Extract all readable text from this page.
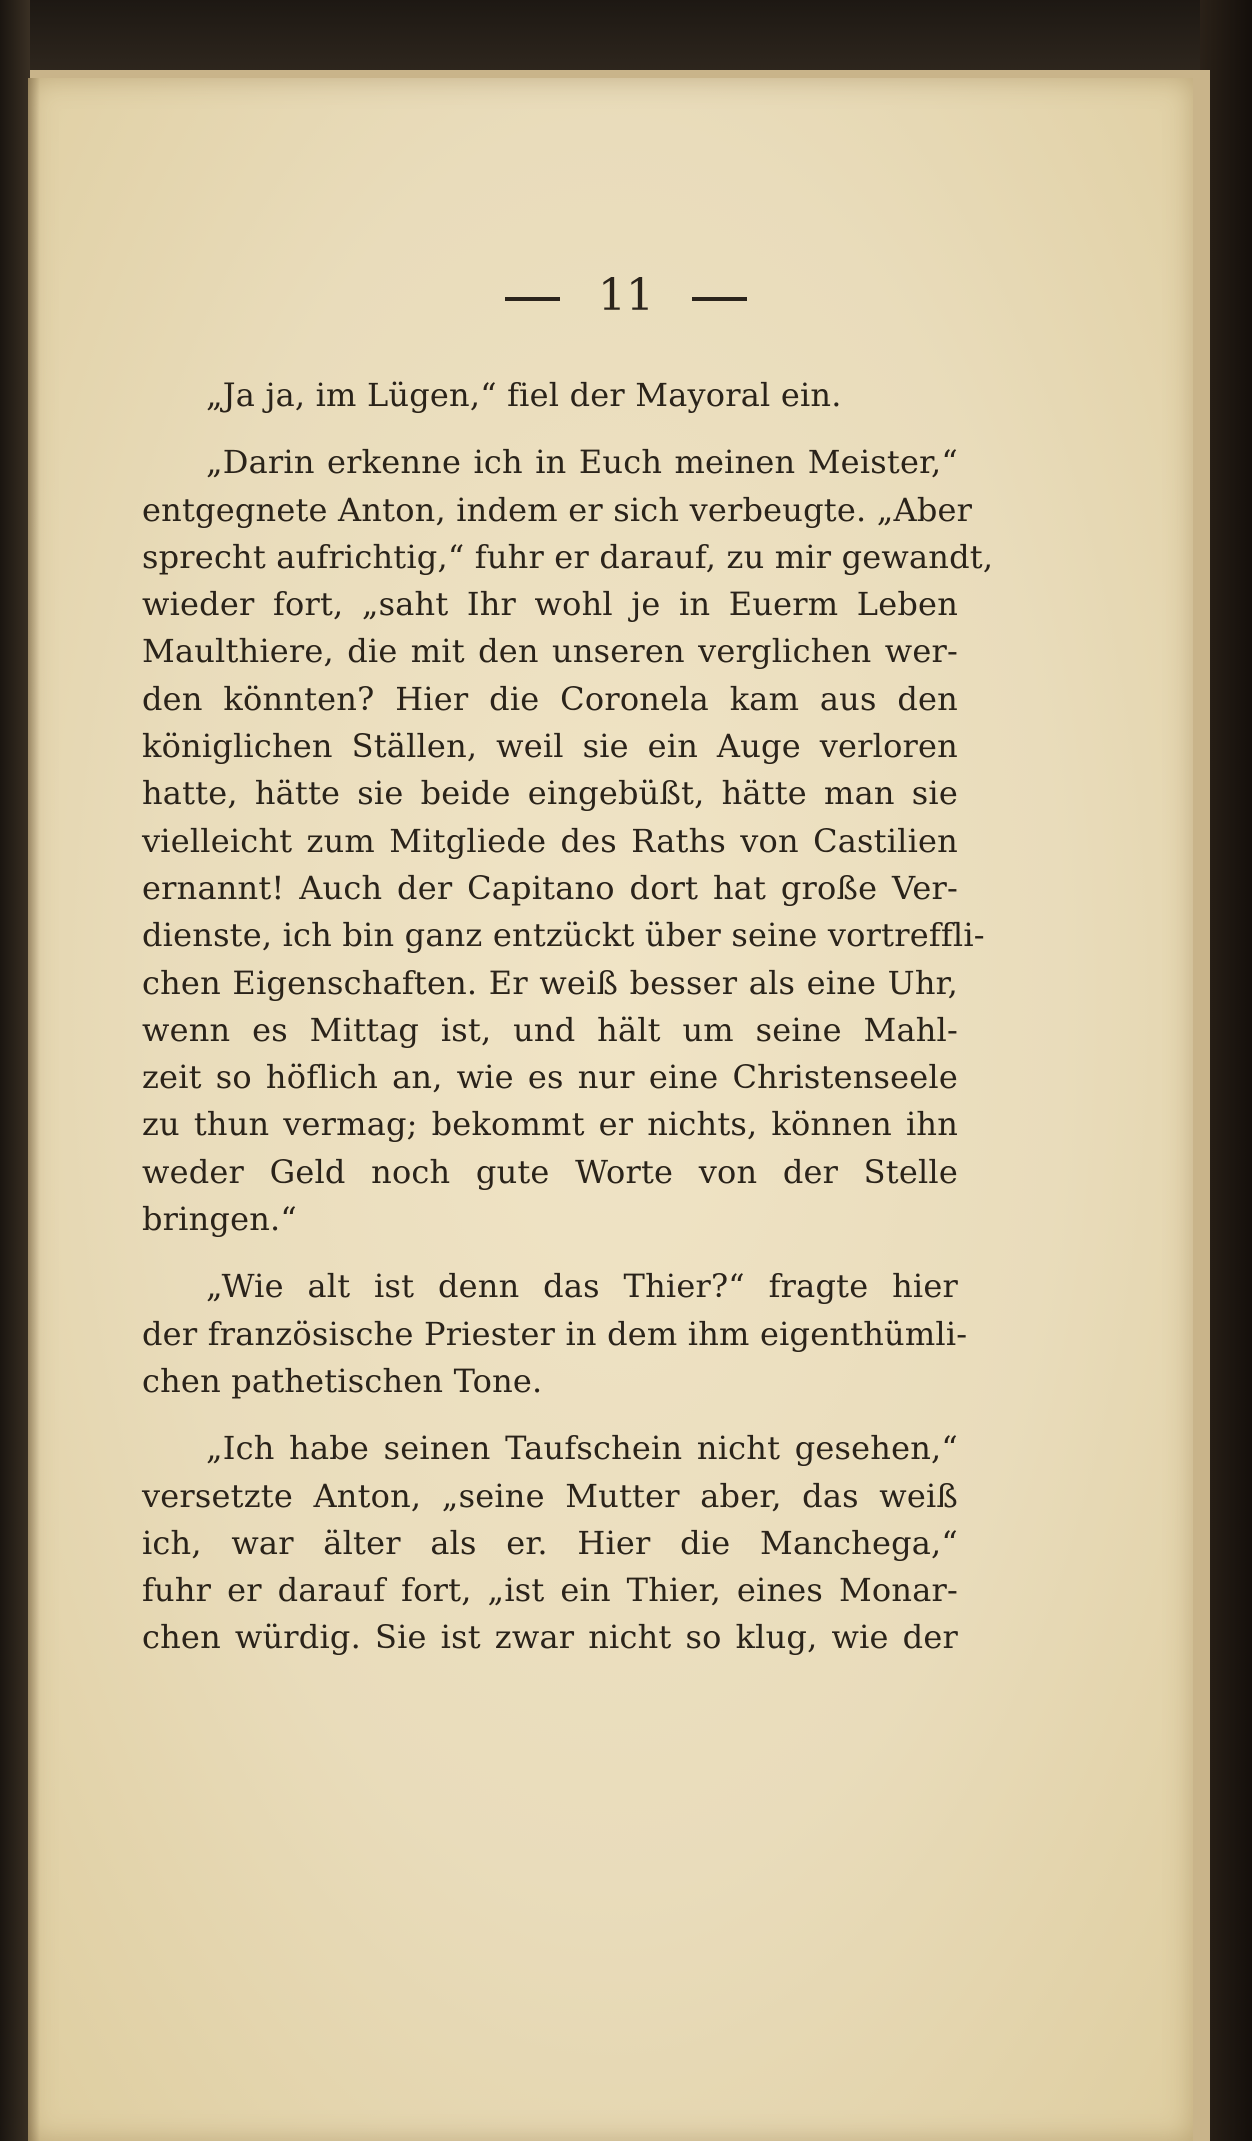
11

„Ja ja, im Lügen,“ fiel der Mayoral ein.

„Darin erkenne ich in Euch meinen Meister,“
entgegnete Anton, indem er sich verbeugte. „Aber
sprecht aufrichtig,“ fuhr er darauf, zu mir gewandt,
wieder fort, „saht Ihr wohl je in Euerm Leben
Maulthiere, die mit den unseren verglichen wer-
den könnten? Hier die Coronela kam aus den
königlichen Ställen, weil sie ein Auge verloren
hatte, hätte sie beide eingebüßt, hätte man sie
vielleicht zum Mitgliede des Raths von Castilien
ernannt! Auch der Capitano dort hat große Ver-
dienste, ich bin ganz entzückt über seine vortreffli-
chen Eigenschaften. Er weiß besser als eine Uhr,
wenn es Mittag ist, und hält um seine Mahl-
zeit so höflich an, wie es nur eine Christenseele
zu thun vermag; bekommt er nichts, können ihn
weder Geld noch gute Worte von der Stelle
bringen.“

„Wie alt ist denn das Thier?“ fragte hier
der französische Priester in dem ihm eigenthümli-
chen pathetischen Tone.

„Ich habe seinen Taufschein nicht gesehen,“
versetzte Anton, „seine Mutter aber, das weiß
ich, war älter als er. Hier die Manchega,“
fuhr er darauf fort, „ist ein Thier, eines Monar-
chen würdig. Sie ist zwar nicht so klug, wie der
